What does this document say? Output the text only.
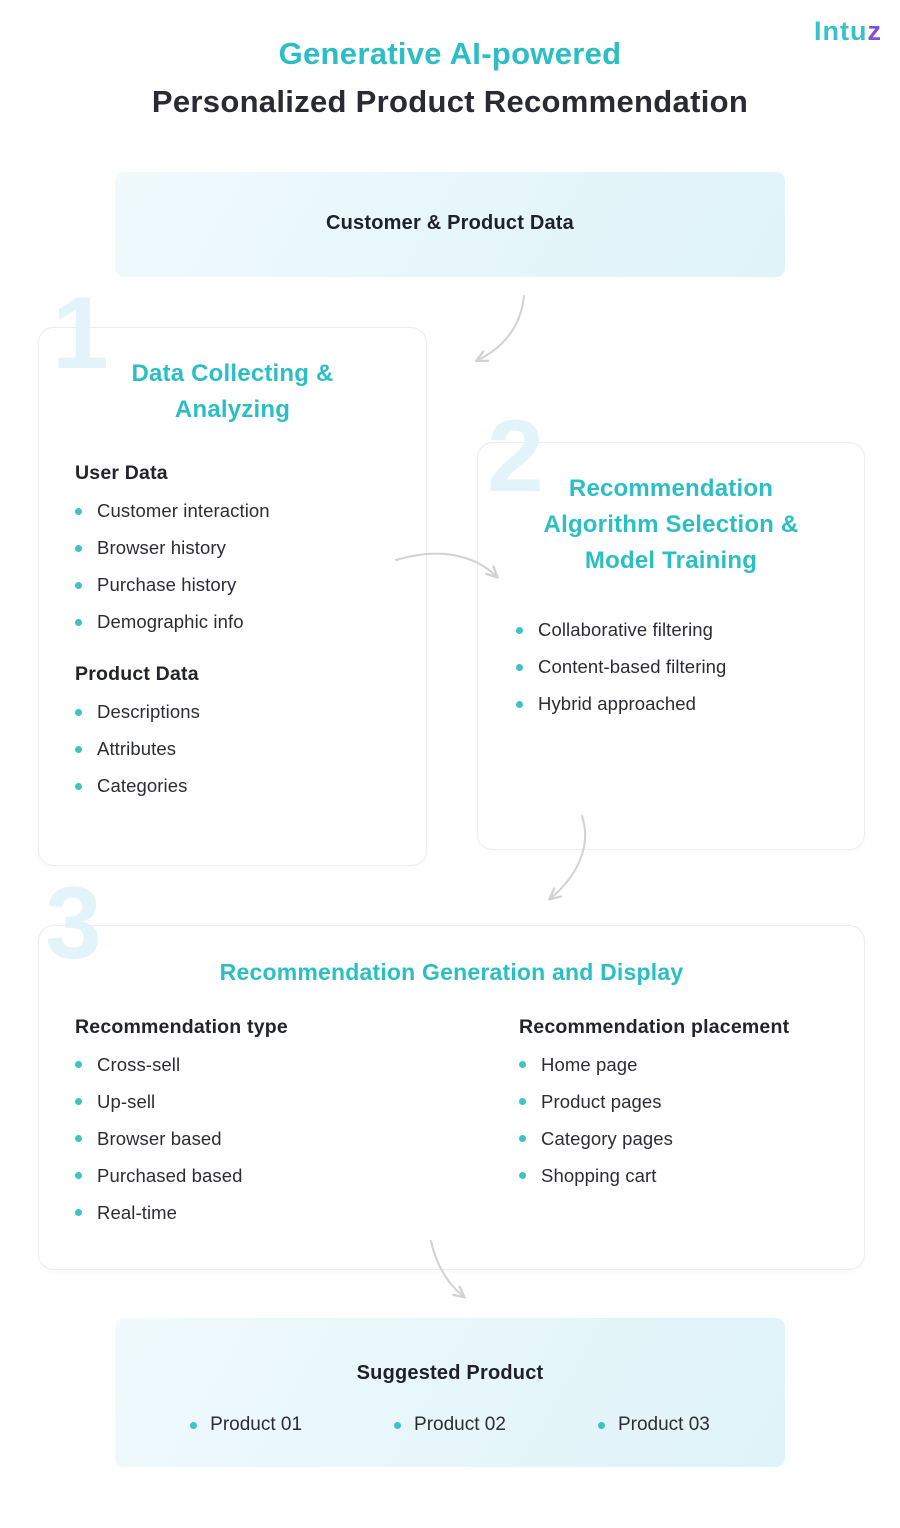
Intuz
Generative AI-powered
Personalized Product Recommendation
Customer & Product Data
1
2
3
Data Collecting & Analyzing
User Data
Customer interaction
Browser history
Purchase history
Demographic info
Product Data
Descriptions
Attributes
Categories
Recommendation Algorithm Selection & Model Training
Collaborative filtering
Content-based filtering
Hybrid approached
Recommendation Generation and Display
Recommendation type
Cross-sell
Up-sell
Browser based
Purchased based
Real-time
Recommendation placement
Home page
Product pages
Category pages
Shopping cart
Suggested Product
Product 01	Product 02	Product 03
